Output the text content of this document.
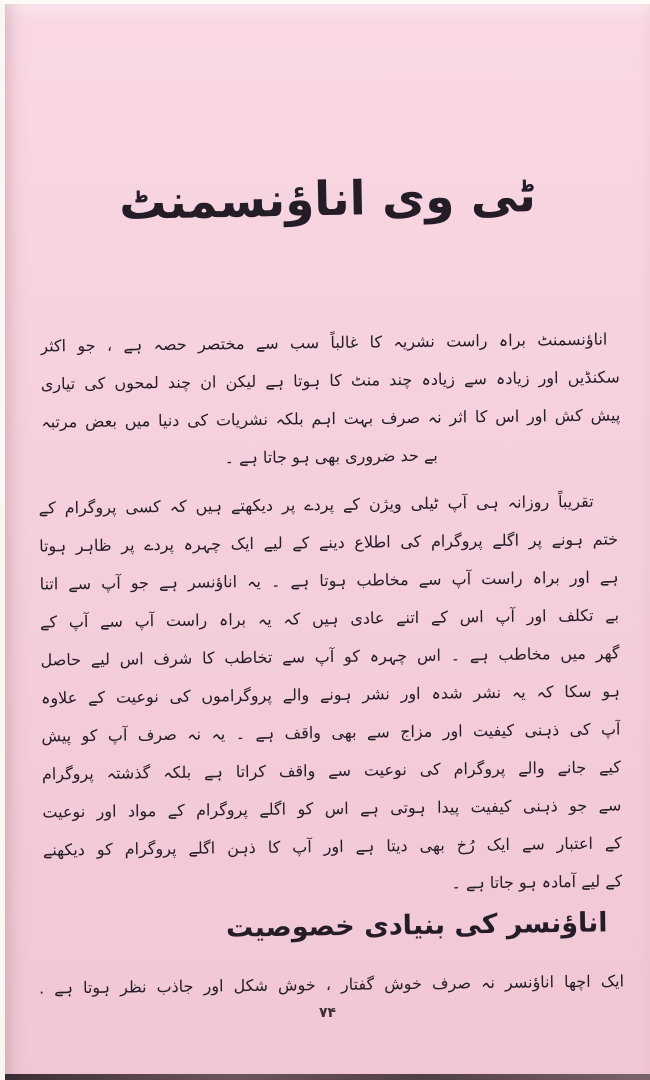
ٹی وی اناؤنسمنٹ
اناؤنسمنٹ براہ راست نشریہ کا غالباً سب سے مختصر حصہ ہے ، جو اکثر
سکنڈیں اور زیادہ سے زیادہ چند منٹ کا ہوتا ہے لیکن ان چند لمحوں کی تیاری
پیش کش اور اس کا اثر نہ صرف بہت اہم بلکہ نشریات کی دنیا میں بعض مرتبہ
بے حد ضروری بھی ہو جاتا ہے ۔
تقریباً روزانہ ہی آپ ٹیلی ویژن کے پردے پر دیکھتے ہیں کہ کسی پروگرام کے
ختم ہونے پر اگلے پروگرام کی اطلاع دینے کے لیے ایک چہرہ پردے پر ظاہر ہوتا
ہے اور براہ راست آپ سے مخاطب ہوتا ہے ۔ یہ اناؤنسر ہے جو آپ سے اتنا
بے تکلف اور آپ اس کے اتنے عادی ہیں کہ یہ براہ راست آپ سے آپ کے
گھر میں مخاطب ہے ۔ اس چہرہ کو آپ سے تخاطب کا شرف اس لیے حاصل
ہو سکا کہ یہ نشر شدہ اور نشر ہونے والے پروگراموں کی نوعیت کے علاوہ
آپ کی ذہنی کیفیت اور مزاج سے بھی واقف ہے ۔ یہ نہ صرف آپ کو پیش
کیے جانے والے پروگرام کی نوعیت سے واقف کراتا ہے بلکہ گذشتہ پروگرام
سے جو ذہنی کیفیت پیدا ہوتی ہے اس کو اگلے پروگرام کے مواد اور نوعیت
کے اعتبار سے ایک رُخ بھی دیتا ہے اور آپ کا ذہن اگلے پروگرام کو دیکھنے
کے لیے آمادہ ہو جاتا ہے ۔
اناؤنسر کی بنیادی خصوصیت
ایک اچھا اناؤنسر نہ صرف خوش گفتار ، خوش شکل اور جاذب نظر ہوتا ہے .
۷۴
